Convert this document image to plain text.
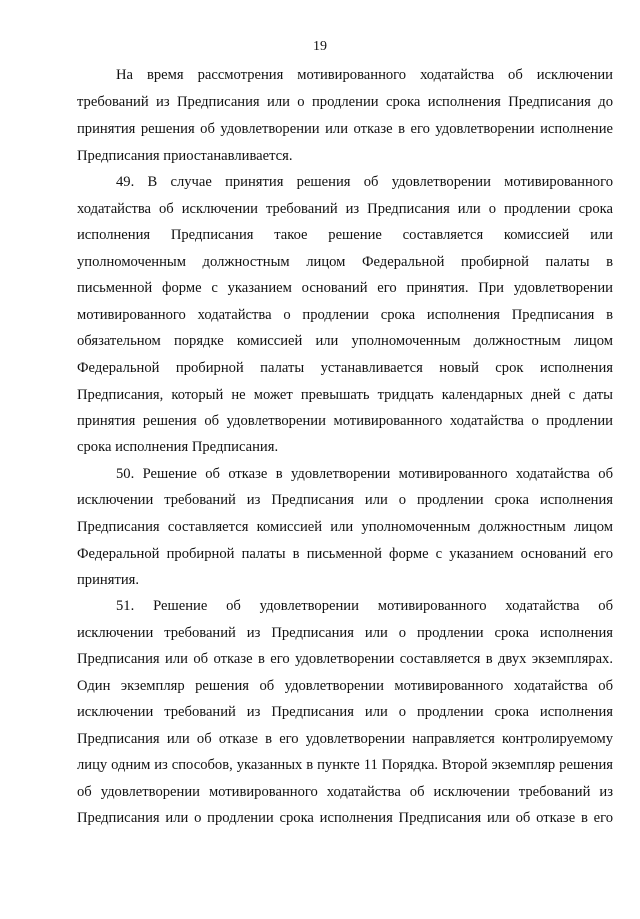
19
На время рассмотрения мотивированного ходатайства об исключении
требований из Предписания или о продлении срока исполнения Предписания до
принятия решения об удовлетворении или отказе в его удовлетворении исполнение
Предписания приостанавливается.
49. В случае принятия решения об удовлетворении мотивированного
ходатайства об исключении требований из Предписания или о продлении срока
исполнения Предписания такое решение составляется комиссией или
уполномоченным должностным лицом Федеральной пробирной палаты в
письменной форме с указанием оснований его принятия. При удовлетворении
мотивированного ходатайства о продлении срока исполнения Предписания в
обязательном порядке комиссией или уполномоченным должностным лицом
Федеральной пробирной палаты устанавливается новый срок исполнения
Предписания, который не может превышать тридцать календарных дней с даты
принятия решения об удовлетворении мотивированного ходатайства о продлении
срока исполнения Предписания.
50. Решение об отказе в удовлетворении мотивированного ходатайства об
исключении требований из Предписания или о продлении срока исполнения
Предписания составляется комиссией или уполномоченным должностным лицом
Федеральной пробирной палаты в письменной форме с указанием оснований его
принятия.
51. Решение об удовлетворении мотивированного ходатайства об
исключении требований из Предписания или о продлении срока исполнения
Предписания или об отказе в его удовлетворении составляется в двух экземплярах.
Один экземпляр решения об удовлетворении мотивированного ходатайства об
исключении требований из Предписания или о продлении срока исполнения
Предписания или об отказе в его удовлетворении направляется контролируемому
лицу одним из способов, указанных в пункте 11 Порядка. Второй экземпляр решения
об удовлетворении мотивированного ходатайства об исключении требований из
Предписания или о продлении срока исполнения Предписания или об отказе в его
